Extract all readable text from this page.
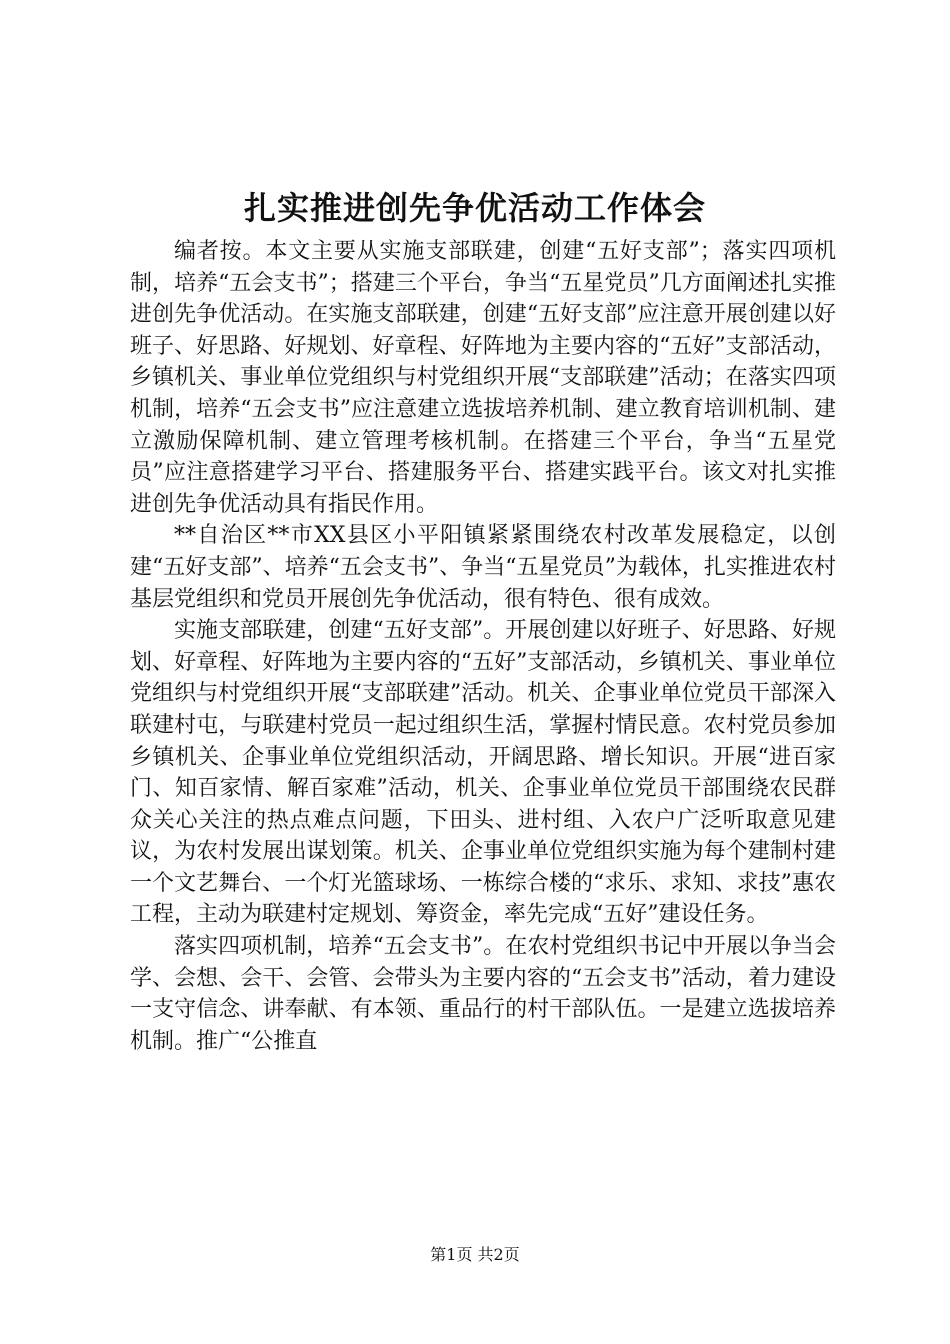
扎实推进创先争优活动工作体会

编者按。本文主要从实施支部联建，创建“五好支部”；落实四项机制，培养“五会支书”；搭建三个平台，争当“五星党员”几方面阐述扎实推进创先争优活动。在实施支部联建，创建“五好支部”应注意开展创建以好班子、好思路、好规划、好章程、好阵地为主要内容的“五好”支部活动，乡镇机关、事业单位党组织与村党组织开展“支部联建”活动；在落实四项机制，培养“五会支书”应注意建立选拔培养机制、建立教育培训机制、建立激励保障机制、建立管理考核机制。在搭建三个平台，争当“五星党员”应注意搭建学习平台、搭建服务平台、搭建实践平台。该文对扎实推进创先争优活动具有指民作用。

**自治区**市XX县区小平阳镇紧紧围绕农村改革发展稳定，以创建“五好支部”、培养“五会支书”、争当“五星党员”为载体，扎实推进农村基层党组织和党员开展创先争优活动，很有特色、很有成效。

实施支部联建，创建“五好支部”。开展创建以好班子、好思路、好规划、好章程、好阵地为主要内容的“五好”支部活动，乡镇机关、事业单位党组织与村党组织开展“支部联建”活动。机关、企事业单位党员干部深入联建村屯，与联建村党员一起过组织生活，掌握村情民意。农村党员参加乡镇机关、企事业单位党组织活动，开阔思路、增长知识。开展“进百家门、知百家情、解百家难”活动，机关、企事业单位党员干部围绕农民群众关心关注的热点难点问题，下田头、进村组、入农户广泛听取意见建议，为农村发展出谋划策。机关、企事业单位党组织实施为每个建制村建一个文艺舞台、一个灯光篮球场、一栋综合楼的“求乐、求知、求技”惠农工程，主动为联建村定规划、筹资金，率先完成“五好”建设任务。

落实四项机制，培养“五会支书”。在农村党组织书记中开展以争当会学、会想、会干、会管、会带头为主要内容的“五会支书”活动，着力建设一支守信念、讲奉献、有本领、重品行的村干部队伍。一是建立选拔培养机制。推广“公推直

第1页 共2页
